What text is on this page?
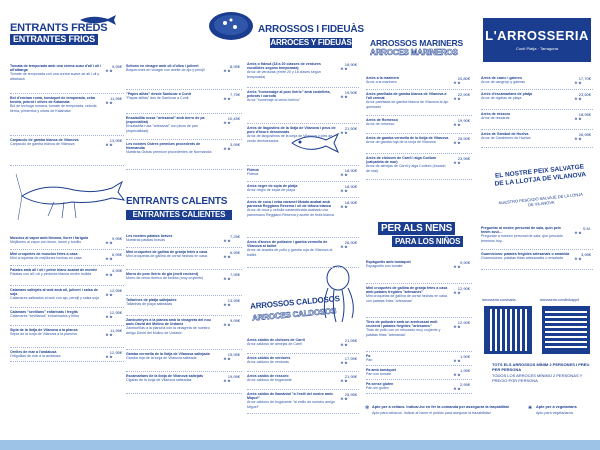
ENTRANTS FREDS
ENTRANTES FRIOS
ARROSSOS I FIDEUÀS
ARROCES Y FIDEUÁS ARROSSOS MARINERS
ARROCES MARINEROS
L'ARROSSERIA
Cunit Platja · Tarragona
ENTRANTS CALENTS
ENTRANTES CALIENTES
ARROSSOS CALDOSOS
ARROCES CALDOSOS
PER ALS NENS
PARA LOS NIÑOS
EL NOSTRE PEIX SALVATGE DE LA LLOTJA DE VILANOVA
NUESTRO PESCADO SALVAJE DE LA LONJA DE VILANOVA
Tomata de temporada amb una crema suau d'all i oli i all'albarga
Tomate de temporada con una crema suave de all i oli y albahaca
9,95€
✻ ❀
Bol d'enciam romà, tomàquet de temporada, ceba tendra, pebrot i olives de Kalamata
Bol de lechuga romana, tomate de temporada, cebolla tierna, pimientos y olivas de Kalamata
11,95€
✻ ❀
Carpaccio de gamba blanca de Vilanova
Carpaccio de gamba blanca de Vilanova
13,95€
✻ ❀
Musclos al vapor amb llimona, llorer i farigola
Mejillones al vapor con limón, laurel y tomillo
9,95€
✻ ❀
Mini croquetes de musclos fetes a casa
Mini croquetas de mejillones hechas en casa
6,95€
✻ ❀
Patates amb all i oli i pebre blanc acabat de moldre
Patatas con all i oli y pimienta blanca recién molida
4,95€
✻ ❀
Calamars saltejats al wok amb all, julivert i salsa de soja
Calamares salteados al wok con ajo, perejil y salsa soja
12,95€
✻ ❀
Calamars "sevillans" enfarinats i fregits
Calamares "sevillanos" enharinados y fritos
12,95€
✻ ❀
Sípia de la llotja de Vilanova a la planxa
Sepia de la lonja de Vilanova a la plancha
11,95€
✻ ❀
Orelles de mar a l'andalusa
Ortiguillas de mar a la andaluza
12,95€
✻ ❀
Seitons en vinagre amb oli d'oliva i julivert
Boquerones en vinagre con aceite de ajo y perejil
8,95€
✻ ❀
"Papes alitàs" desde Sanlúcar a Cunit
"Papas aliñás" des de Sanlúcar a Cunit
7,75€
✻ ❀
Ensaladilla russa "artesanal" amb berro de pa (especialitat)
Ensaladilla rusa "artesanal" con picos de pan (especialidad)
10,45€
✻ ❀
Les nostres Ostres premium procedents de Normandia
Nuestras Ostras premium procedentes de Normandía
3,95€
✻ ❀
Les nostres patates braves
Nuestras patatas bravas
7,25€
✻ ❀
Mini croquetes de gallina de granja fetes a casa
Mini croquetas de gallina de corral hechas en casa
6,95€
✻ ❀
Morro de porc ibèric de gla (molt cruixent)
Morro de cerdo ibérico de bellota (muy crujiente)
7,95€
✻ ❀
Tallarines de platja saltejades
Tallarinas de playa salteadas
13,95€
✻ ❀
Zamburinyes a la planxa amb la vinagreta del nou amic David del Molino de Urdaniz
Zamburiñas a la plancha con la vinagreta de nuestro amigo David del Molino de Urdaniz
9,95€
✻ ❀
Gamba vermella de la llotja de Vilanova saltejada
Gamba roja de la lonja de Vilanova salteada
15,95€
✻ ❀
Escamarlans de la llotja de Vilanova saltejats
Cigalas de la lonja de Vilanova salteadas
19,95€
✻ ❀
Arròs o fideuà (18 a 20 classes de verdures escollides segons temporada)
Arroz de verduras (entre 20 y 18 clases según temporada)
18,90€
✻ ❀
Arròs "homenatge al porc ibèric" amb costelleta, pebrots i carxofa
Arroz "homenaje al cerdo ibérico"
19,50€
✻ ❀
Arròs de llagostins de la llotja de Vilanova i peus de porc d'heure dessossats
Arroz de langostinos de la lonja de Vilanova y pies de cerdo deshuesados
21,50€
✻ ❀
Fideuà
Fideuá
18,90€
✻ ❀
Arròs negre de sípia de platja
Arroz negro de sepia de playa
18,90€
✻ ❀
Arròs de coca i ceba caramel·litzada acabat amb parmesà Reggiano Reserva i oli de tòfona blanca
Arroz de coca y cebolla caramelizada acabado con parmesano Reggiano Reserva y aceite de trufa blanca
18,90€
✻ ❀
Arròs d'ànecs de pollastre i gamba vermella de Vilanova al balint
Arroz de ánades de pollo y gamba roja de Vilanova al ballint
26,90€
✻ ❀
Arròs caldós de cloïsses de Carril
Arroz caldoso de almejas de Carril
21,95€
✻ ❀
Arròs caldós de verdures
Arroz caldoso de verduras
17,95€
✻ ❀
Arròs caldós de ròssoro
Arroz caldoso de bogavante
21,95€
✻ ❀
Arròs caldós de llamàntol "a l'estil del nostre amic Miquel"
Arroz caldoso de bogavante "al estilo de nuestro amigo Miguel"
25,95€
✻ ❀
Arròs a la marinera
Arroz a la marinera
20,80€
✻ ❀
Arròs parellada de gamba blanca de Vilanova a l'all cremat
Arroz parellada de gamba blanca de Vilanova al ajo quemado
22,90€
✻ ❀
Arròs de Romesco
Arroz de romesco
19,90€
✻ ❀
Arròs de gamba vermella de la llotja de Vilanova
Arroz de gamba roja de la lonja de Vilanova
25,90€
✻ ❀
Arròs de cloïsses de Carril i alga Codium (calçadeta de mar)
Arroz de almejas de Carril y alga Codium (bocado de mar)
23,95€
✻ ❀
Espaguetis amb tomàquet
Espaguetis con tomate
9,90€
✻ ❀
Mini croquetes de gallina de granja fetes a casa amb patates fregides "artesanes"
Mini croquetas de gallina de corral hechas en casa con patatas fritas "artesanas"
12,90€
✻ ❀
Tires de pollastre amb un arrebossat molt cruixent i patates fregides "artesanes"
Tiras de pollo con un rebozado muy crujiente y patatas fritas "artesanas"
12,90€
✻ ❀
Pa
Pan
1,90€
✻ ❀
Pa amb tomàquet
Pan con tomate
1,95€
✻ ❀
Pa sense gluten
Pan sin gluten
2,95€
✻ ❀
Arròs de cranc i galeres
Arroz de cangrejo y galeras
17,70€
✻ ❀
Arròs d'escamarlans de platja
Arroz de cigalas de playa
23,50€
✻ ❀
Arròs de ròssoro
Arroz de rescaras
18,95€
✻ ❀
Arròs de Gambot de Huelva
Arroz de Carabinero de Huelva
26,95€
✻ ❀
Preguntar al nostre personal de sala, quin peix tenim avui...
Preguntar a nuestro personal de sala, que pescado tenemos hoy...
S.M.
✻ ❀
Guarnicions: patates fregides artesanals o amanida
Guarniciones: patatas fritas artesanales o ensalada
3,95€
✻ ❀
larrosseria.com/carta	larrosseria.com/linkapp/t
TOTS ELS ARROSSOS MÍNIM 2 PERSONES I PREU PER PERSONA
TODOS LOS ARROCES MÍNIMO 2 PERSONAS Y PRECIO POR PERSONA
✻ Apte per a celíacs. Indicar-ho en fer la comanda per assegurar la traçabilitat
Apto para celíacos. Indicar al hacer el pedido para asegurar la trazabilidad
❀ Apte per a vegetarians
Apto para vegetarianos
